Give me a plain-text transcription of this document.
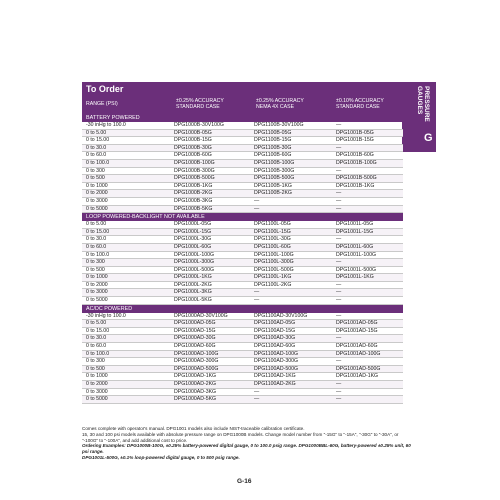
PRESSURE
GAUGES
G
To Order
RANGE (PSI)	±0.25% ACCURACY
STANDARD CASE
±0.25% ACCURACY
NEMA 4X CASE
±0.10% ACCURACY
STANDARD CASE
BATTERY POWERED
-30 inHg to 100.0	DPG1000B-30V100G	DPG1100B-30V100G	—
0 to 5.00	DPG1000B-05G	DPG1100B-05G	DPG1001B-05G
0 to 15.00	DPG1000B-15G	DPG1100B-15G	DPG1001B-15G
0 to 30.0	DPG1000B-30G	DPG1100B-30G	—
0 to 60.0	DPG1000B-60G	DPG1100B-60G	DPG1001B-60G
0 to 100.0	DPG1000B-100G	DPG1100B-100G	DPG1001B-100G
0 to 300	DPG1000B-300G	DPG1100B-300G	—
0 to 500	DPG1000B-500G	DPG1100B-500G	DPG1001B-500G
0 to 1000	DPG1000B-1KG	DPG1100B-1KG	DPG1001B-1KG
0 to 2000	DPG1000B-2KG	DPG1100B-2KG	—
0 to 3000	DPG1000B-3KG	—	—
0 to 5000	DPG1000B-5KG	—	—
LOOP POWERED-BACKLIGHT NOT AVAILABLE
0 to 5.00	DPG1000L-05G	DPG1100L-05G	DPG1001L-05G
0 to 15.00	DPG1000L-15G	DPG1100L-15G	DPG1001L-15G
0 to 30.0	DPG1000L-30G	DPG1100L-30G	—
0 to 60.0	DPG1000L-60G	DPG1100L-60G	DPG1001L-60G
0 to 100.0	DPG1000L-100G	DPG1100L-100G	DPG1001L-100G
0 to 300	DPG1000L-300G	DPG1100L-300G	—
0 to 500	DPG1000L-500G	DPG1100L-500G	DPG1001L-500G
0 to 1000	DPG1000L-1KG	DPG1100L-1KG	DPG1001L-1KG
0 to 2000	DPG1000L-2KG	DPG1100L-2KG	—
0 to 3000	DPG1000L-3KG	—	—
0 to 5000	DPG1000L-5KG	—	—
AC/DC POWERED
-30 inHg to 100.0	DPG1000AD-30V100G	DPG1100AD-30V100G	—
0 to 5.00	DPG1000AD-05G	DPG1100AD-05G	DPG1001AD-05G
0 to 15.00	DPG1000AD-15G	DPG1100AD-15G	DPG1001AD-15G
0 to 30.0	DPG1000AD-30G	DPG1100AD-30G	—
0 to 60.0	DPG1000AD-60G	DPG1100AD-60G	DPG1001AD-60G
0 to 100.0	DPG1000AD-100G	DPG1100AD-100G	DPG1001AD-100G
0 to 300	DPG1000AD-300G	DPG1100AD-300G	—
0 to 500	DPG1000AD-500G	DPG1100AD-500G	DPG1001AD-500G
0 to 1000	DPG1000AD-1KG	DPG1100AD-1KG	DPG1001AD-1KG
0 to 2000	DPG1000AD-2KG	DPG1100AD-2KG	—
0 to 3000	DPG1000AD-3KG	—	—
0 to 5000	DPG1000AD-5KG	—	—
Comes complete with operator's manual. DPG1001 models also include NIST-traceable calibration certificate.
15, 30 and 100 psi models available with absolute pressure range on DPG1000B models. Change model number from "-15G" to "-15A", "-30G" to "-30A", or "-100G" to "-100A", and add additional cost to price.
Ordering Examples: DPG1000B-100G, ±0.25% battery-powered digital gauge, 0 to 100.0 psig range. DPG1000BBL-60G, battery-powered ±0.25% unit, 60 psi range.
DPG1001L-500G, ±0.1% loop-powered digital gauge, 0 to 500 psig range.
G-16
